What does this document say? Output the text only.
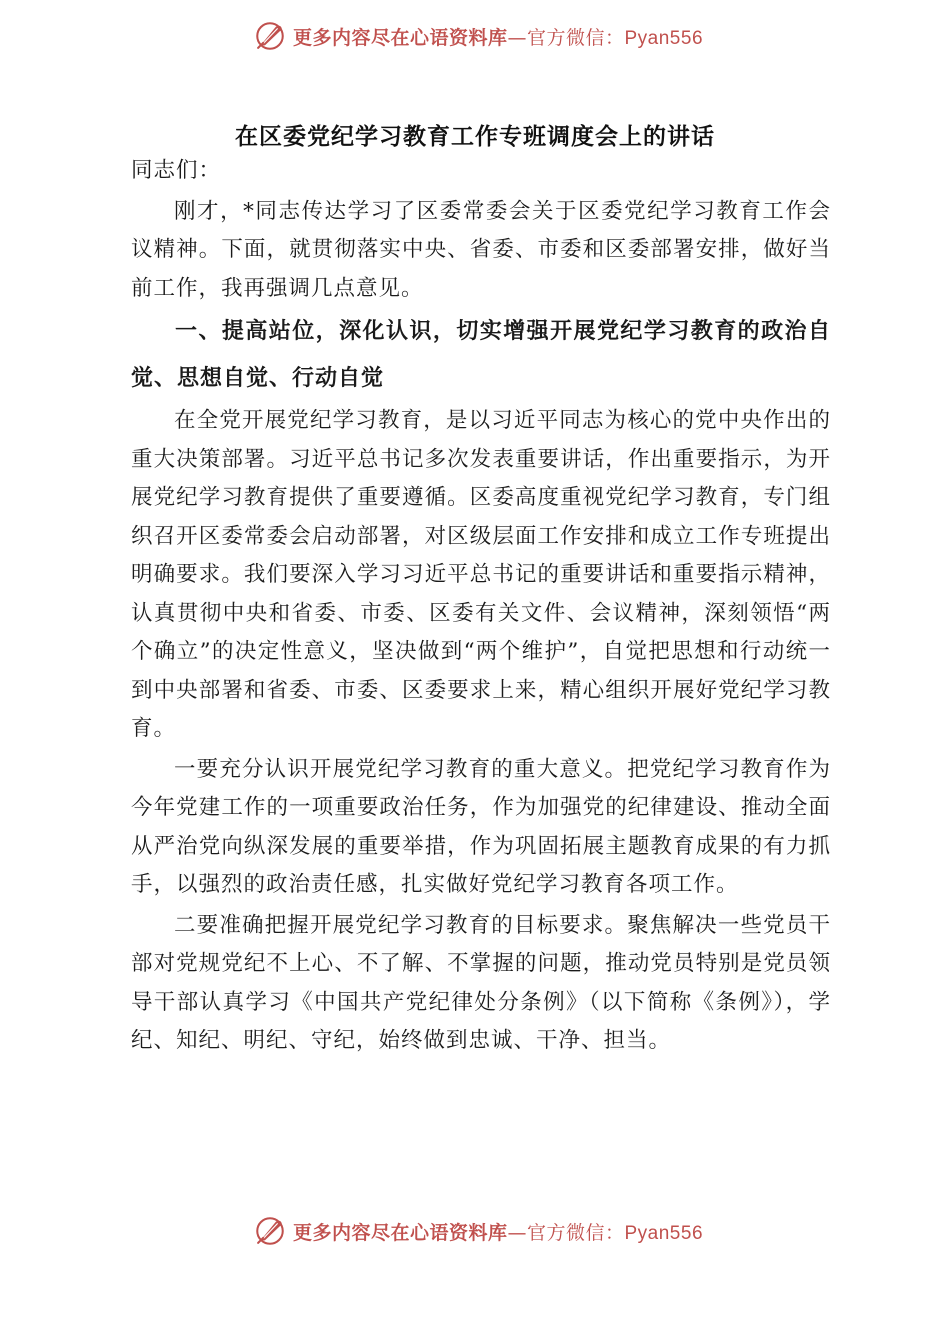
更多内容尽在心语资料库—官方微信：Pyan556
在区委党纪学习教育工作专班调度会上的讲话

同志们：

刚才，*同志传达学习了区委常委会关于区委党纪学习教育工作会议精神。下面，就贯彻落实中央、省委、市委和区委部署安排，做好当前工作，我再强调几点意见。

一、提高站位，深化认识，切实增强开展党纪学习教育的政治自觉、思想自觉、行动自觉

在全党开展党纪学习教育，是以习近平同志为核心的党中央作出的重大决策部署。习近平总书记多次发表重要讲话，作出重要指示，为开展党纪学习教育提供了重要遵循。区委高度重视党纪学习教育，专门组织召开区委常委会启动部署，对区级层面工作安排和成立工作专班提出明确要求。我们要深入学习习近平总书记的重要讲话和重要指示精神，认真贯彻中央和省委、市委、区委有关文件、会议精神，深刻领悟“两个确立”的决定性意义，坚决做到“两个维护”，自觉把思想和行动统一到中央部署和省委、市委、区委要求上来，精心组织开展好党纪学习教育。

一要充分认识开展党纪学习教育的重大意义。把党纪学习教育作为今年党建工作的一项重要政治任务，作为加强党的纪律建设、推动全面从严治党向纵深发展的重要举措，作为巩固拓展主题教育成果的有力抓手，以强烈的政治责任感，扎实做好党纪学习教育各项工作。

二要准确把握开展党纪学习教育的目标要求。聚焦解决一些党员干部对党规党纪不上心、不了解、不掌握的问题，推动党员特别是党员领导干部认真学习《中国共产党纪律处分条例》（以下简称《条例》），学纪、知纪、明纪、守纪，始终做到忠诚、干净、担当。

更多内容尽在心语资料库—官方微信：Pyan556
